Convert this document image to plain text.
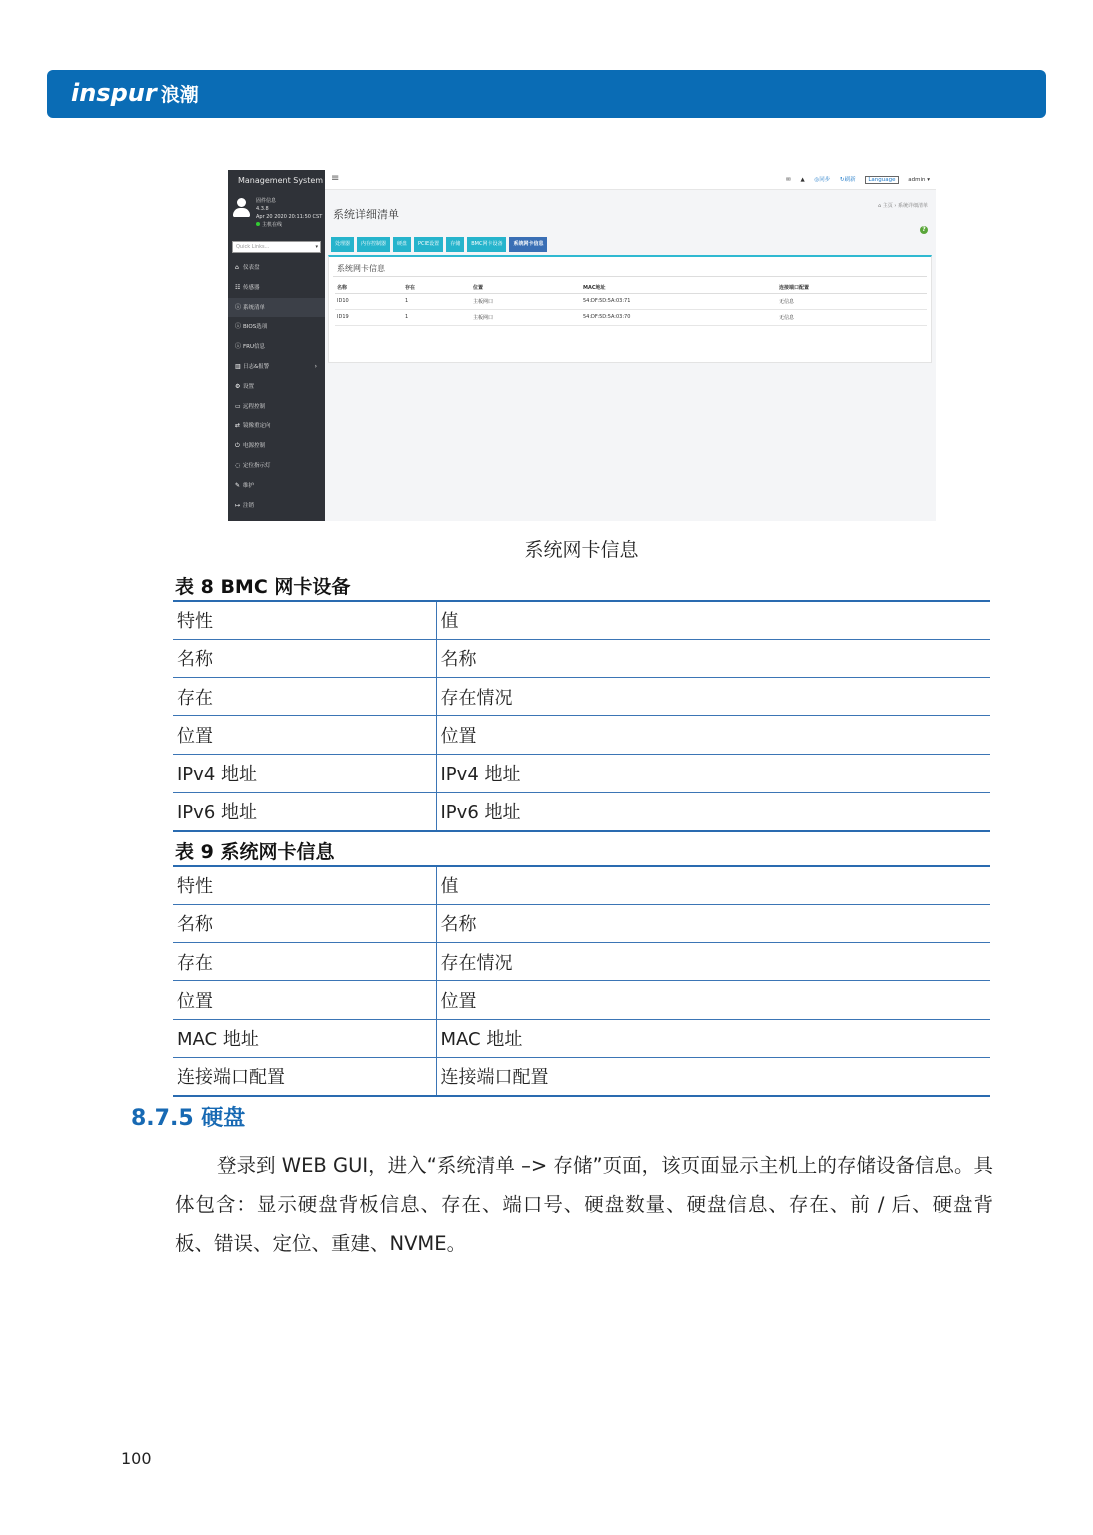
inspur 浪潮
Management System
固件信息
4.3.8
Apr 20 2020 20:11:50 CST
主机在线
Quick Links...	▾
⌂ 仪表盘
☷ 传感器
ⓘ 系统清单
ⓘ BIOS选项
ⓘ FRU信息
▥ 日志&报警	›
⚙ 设置
▭ 远程控制
⇄ 镜像重定向
⏻ 电源控制
◌ 定位指示灯
✎ 维护
↦ 注销
≡	✉ ▲ ◎同步 ↻刷新 Language admin ▾
系统详细清单
⌂ 主页 › 系统详细清单
?
处理器 内存控制器 硬盘 PCIE设置 存储 BMC网卡设备 系统网卡信息
系统网卡信息
名称	存在	位置	MAC地址	连接端口配置
ID10	1	主板网口	54:DF:5D:5A:03:71	无信息
ID19	1	主板网口	54:DF:5D:5A:03:70	无信息
系统网卡信息
表 8 BMC 网卡设备
特性	值
名称	名称
存在	存在情况
位置	位置
IPv4 地址	IPv4 地址
IPv6 地址	IPv6 地址
表 9 系统网卡信息
特性	值
名称	名称
存在	存在情况
位置	位置
MAC 地址	MAC 地址
连接端口配置	连接端口配置
8.7.5 硬盘
登录到 WEB GUI，进入“系统清单 –> 存储”页面，该页面显示主机上的存储设备信息。具体包含：显示硬盘背板信息、存在、端口号、硬盘数量、硬盘信息、存在、前 / 后、硬盘背板、错误、定位、重建、NVME。
100
